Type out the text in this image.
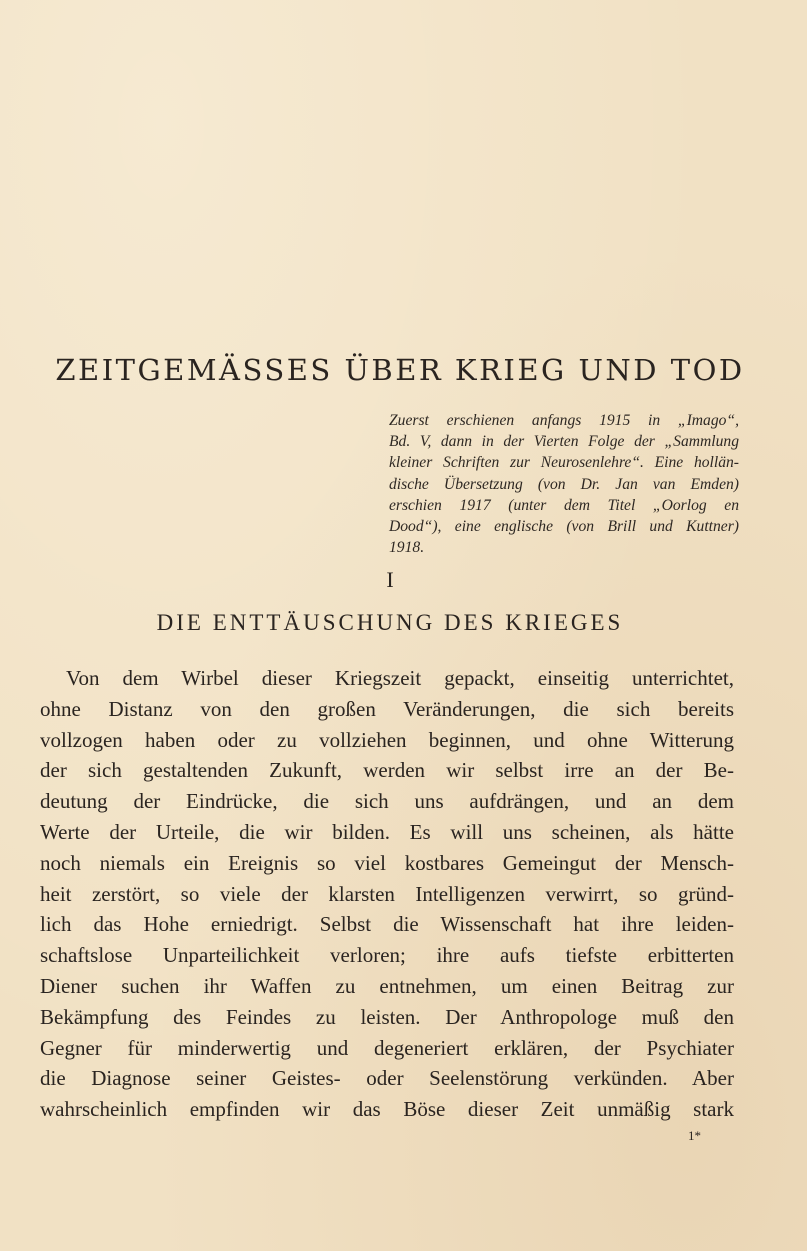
ZEITGEMÄSSES ÜBER KRIEG UND TOD
Zuerst erschienen anfangs 1915 in „Imago“,
Bd. V, dann in der Vierten Folge der „Sammlung
kleiner Schriften zur Neurosenlehre“. Eine hollän-
dische Übersetzung (von Dr. Jan van Emden)
erschien 1917 (unter dem Titel „Oorlog en
Dood“), eine englische (von Brill und Kuttner)
1918.
I
DIE ENTTÄUSCHUNG DES KRIEGES
Von dem Wirbel dieser Kriegszeit gepackt, einseitig unterrichtet,
ohne Distanz von den großen Veränderungen, die sich bereits
vollzogen haben oder zu vollziehen beginnen, und ohne Witterung
der sich gestaltenden Zukunft, werden wir selbst irre an der Be-
deutung der Eindrücke, die sich uns aufdrängen, und an dem
Werte der Urteile, die wir bilden. Es will uns scheinen, als hätte
noch niemals ein Ereignis so viel kostbares Gemeingut der Mensch-
heit zerstört, so viele der klarsten Intelligenzen verwirrt, so gründ-
lich das Hohe erniedrigt. Selbst die Wissenschaft hat ihre leiden-
schaftslose Unparteilichkeit verloren; ihre aufs tiefste erbitterten
Diener suchen ihr Waffen zu entnehmen, um einen Beitrag zur
Bekämpfung des Feindes zu leisten. Der Anthropologe muß den
Gegner für minderwertig und degeneriert erklären, der Psychiater
die Diagnose seiner Geistes- oder Seelenstörung verkünden. Aber
wahrscheinlich empfinden wir das Böse dieser Zeit unmäßig stark
1*
